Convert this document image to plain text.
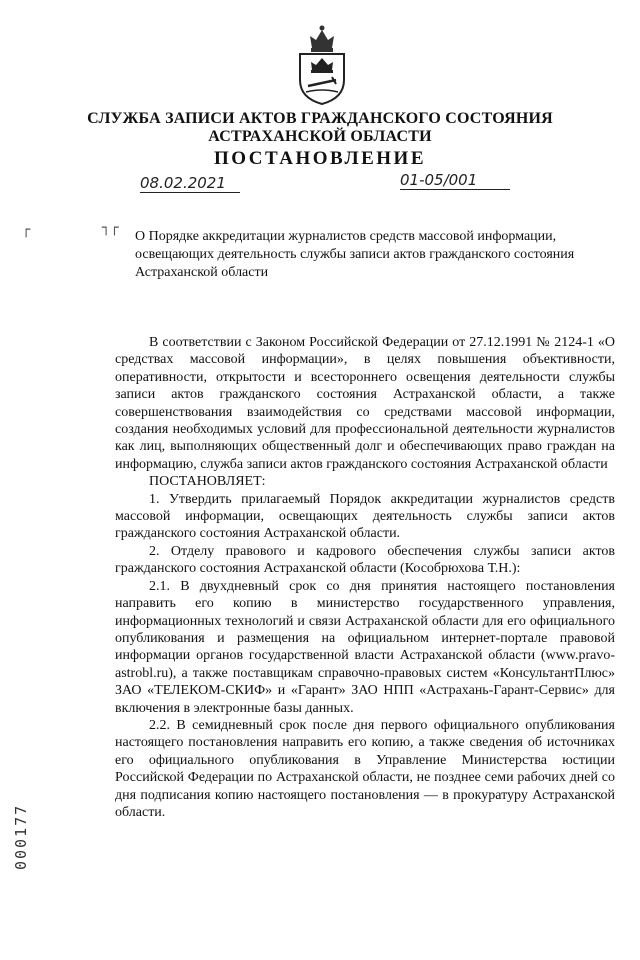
СЛУЖБА ЗАПИСИ АКТОВ ГРАЖДАНСКОГО СОСТОЯНИЯ
АСТРАХАНСКОЙ ОБЛАСТИ
ПОСТАНОВЛЕНИЕ
08.02.2021	01-05/001
┌	┐┌
О Порядке аккредитации журналистов средств массовой информации, освещающих деятельность службы записи актов гражданского состояния Астраханской области

В соответствии с Законом Российской Федерации от 27.12.1991 № 2124-1 «О средствах массовой информации», в целях повышения объективности, оперативности, открытости и всестороннего освещения деятельности службы записи актов гражданского состояния Астраханской области, а также совершенствования взаимодействия со средствами массовой информации, создания необходимых условий для профессиональной деятельности журналистов как лиц, выполняющих общественный долг и обеспечивающих право граждан на информацию, служба записи актов гражданского состояния Астраханской области

ПОСТАНОВЛЯЕТ:

1. Утвердить прилагаемый Порядок аккредитации журналистов средств массовой информации, освещающих деятельность службы записи актов гражданского состояния Астраханской области.

2. Отделу правового и кадрового обеспечения службы записи актов гражданского состояния Астраханской области (Кособрюхова Т.Н.):

2.1. В двухдневный срок со дня принятия настоящего постановления направить его копию в министерство государственного управления, информационных технологий и связи Астраханской области для его официального опубликования и размещения на официальном интернет-портале правовой информации органов государственной власти Астраханской области (www.pravo-astrobl.ru), а также поставщикам справочно-правовых систем «КонсультантПлюс» ЗАО «ТЕЛЕКОМ-СКИФ» и «Гарант» ЗАО НПП «Астрахань-Гарант-Сервис» для включения в электронные базы данных.

2.2. В семидневный срок после дня первого официального опубликования настоящего постановления направить его копию, а также сведения об источниках его официального опубликования в Управление Министерства юстиции Российской Федерации по Астраханской области, не позднее семи рабочих дней со дня подписания копию настоящего постановления — в прокуратуру Астраханской области.

000177
